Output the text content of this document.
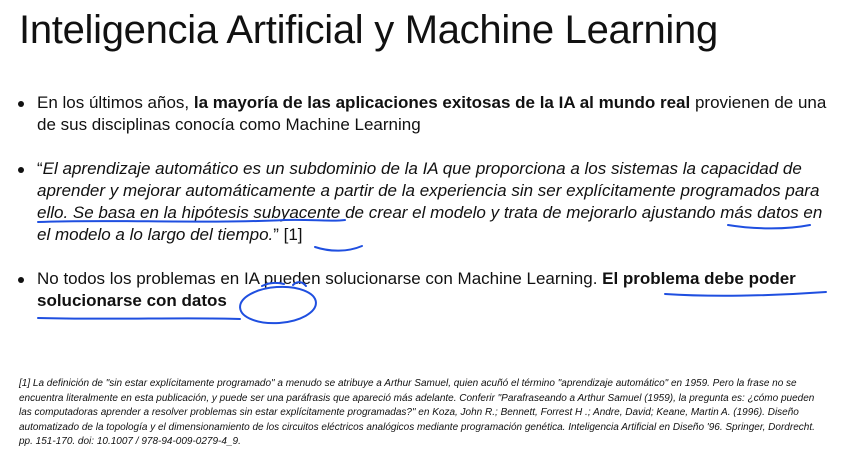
Inteligencia Artificial y Machine Learning
En los últimos años, la mayoría de las aplicaciones exitosas de la IA al mundo real provienen de una de sus disciplinas conocía como Machine Learning
“El aprendizaje automático es un subdominio de la IA que proporciona a los sistemas la capacidad de aprender y mejorar automáticamente a partir de la experiencia sin ser explícitamente programados para ello. Se basa en la hipótesis subyacente de crear el modelo y trata de mejorarlo ajustando más datos en el modelo a lo largo del tiempo.” [1]
No todos los problemas en IA pueden solucionarse con Machine Learning. El problema debe poder solucionarse con datos

[1] La definición de "sin estar explícitamente programado" a menudo se atribuye a Arthur Samuel, quien acuñó el término "aprendizaje automático" en 1959. Pero la frase no se encuentra literalmente en esta publicación, y puede ser una paráfrasis que apareció más adelante. Conferir "Parafraseando a Arthur Samuel (1959), la pregunta es: ¿cómo pueden las computadoras aprender a resolver problemas sin estar explícitamente programadas?" en Koza, John R.; Bennett, Forrest H .; Andre, David; Keane, Martin A. (1996). Diseño automatizado de la topología y el dimensionamiento de los circuitos eléctricos analógicos mediante programación genética. Inteligencia Artificial en Diseño '96. Springer, Dordrecht. pp. 151-170. doi: 10.1007 / 978-94-009-0279-4_9.
